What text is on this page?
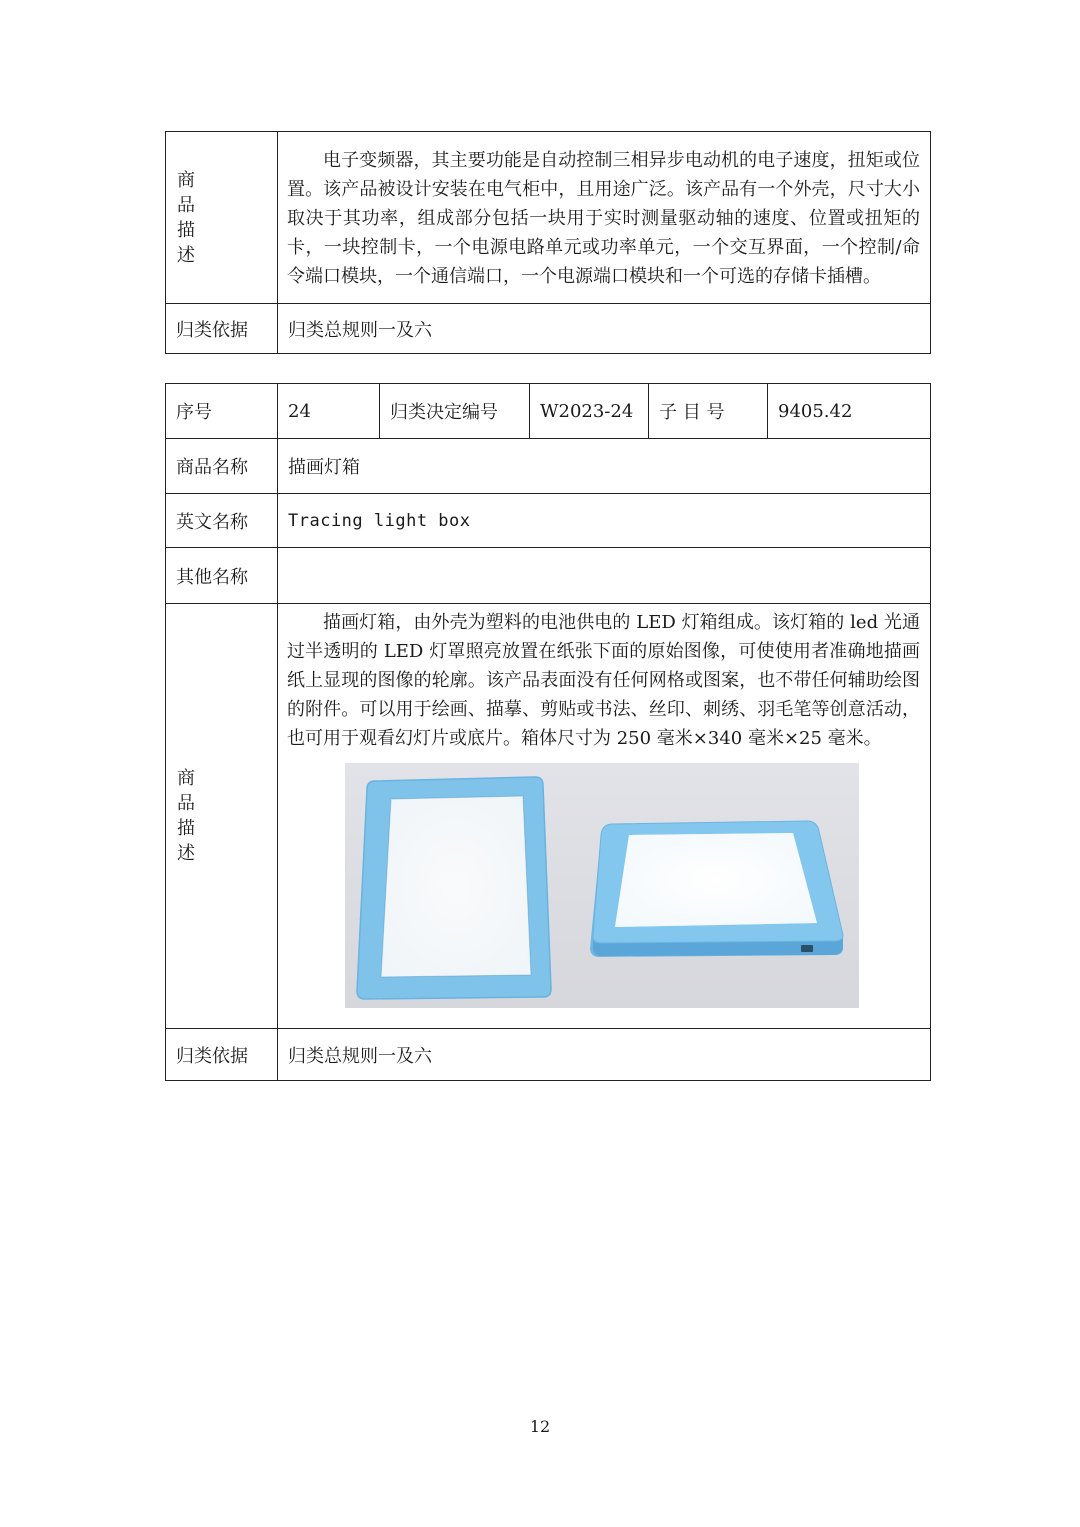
商品描述	电子变频器，其主要功能是自动控制三相异步电动机的电子速度，扭矩或位置。该产品被设计安装在电气柜中，且用途广泛。该产品有一个外壳，尺寸大小取决于其功率，组成部分包括一块用于实时测量驱动轴的速度、位置或扭矩的卡，一块控制卡，一个电源电路单元或功率单元，一个交互界面，一个控制/命令端口模块，一个通信端口，一个电源端口模块和一个可选的存储卡插槽。

归类依据	归类总规则一及六
序号	24	归类决定编号	W2023-24	子 目 号	9405.42
商品名称	描画灯箱				
英文名称	Tracing light box				
其他名称					

商品描述	描画灯箱，由外壳为塑料的电池供电的 LED 灯箱组成。该灯箱的 led 光通过半透明的 LED 灯罩照亮放置在纸张下面的原始图像，可使使用者准确地描画纸上显现的图像的轮廓。该产品表面没有任何网格或图案，也不带任何辅助绘图的附件。可以用于绘画、描摹、剪贴或书法、丝印、刺绣、羽毛笔等创意活动，也可用于观看幻灯片或底片。箱体尺寸为 250 毫米×340 毫米×25 毫米。				

归类依据	归类总规则一及六				
12
